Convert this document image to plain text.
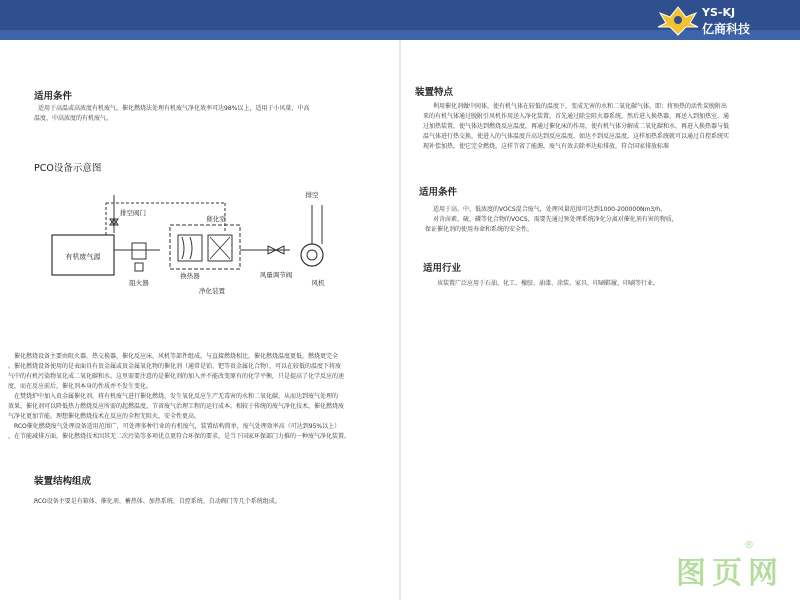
YS-KJ
亿商科技
适用条件
适用于高温或高浓度有机废气。催化燃烧法处理有机废气净化效率可达98%以上，适用于小风量、中高
温度、中高浓度的有机废气。
PCO设备示意图
有机废气源
排空阀门
阻火器
催化室
换热器
净化装置
风量调节阀
排空
风机
催化燃烧设备主要由阻火器，热交换器，催化反应床，风机等部件组成。与直接燃烧相比，催化燃烧温度更低，燃烧更完全
。催化燃烧设备使用的是表面具有贵金属或贵金属氧化物的催化剂（通常是铂、钯等贵金属化合物），可以在较低的温度下将废
气中的有机污染物氧化成二氧化碳和水。这里需要注意的是催化剂的加入并不能改变原有的化学平衡，只是提高了化学反应的速
度，而在反应前后，催化剂本身的性质并不发生变化。
在焚烧炉中加入贵金属催化剂，将有机废气进行催化燃烧，发生氧化反应生产无毒害的水和二氧化碳，从而达到废气处理的
效果。催化剂可以降低热力燃烧反应所需的起燃温度，节省废气治理工程的运行成本。相较于传统的废气净化技术，催化燃烧废
气净化更加节能。理想催化燃烧技术在反应的全程无阻火，安全性更高。
RCO催化燃烧废气处理设备适用范围广，可处理多种行业的有机废气，装置结构简单，废气处理效率高（可达到95%以上）
，在节能减排方面，催化燃烧技术因其无二次污染等多项优点更符合环保的要求，是当下国家环保部门力推的一种废气净化装置。
装置结构组成
RCO设备主要是有箱体、催化剂、蓄热体、加热系统、自控系统、自动阀门等几个系统组成。
装置特点
利用催化剂做中间体，使有机气体在较低的温度下，变成无害的水和二氧化碳气体，即：将预热的活性炭脱附出
来的有机气体通过脱附引风机作用送入净化装置，首先通过除尘阻火器系统，然后进入换热器，再送入到加热室，通
过加热装置，使气体达到燃烧反应温度，再通过催化床的作用，使有机气体分解成二氧化碳和水，再进入换热器与低
温气体进行热交换，使进入的气体温度升高达到反应温度，如达不到反应温度，这样加热系统就可以通过自控系统实
现补偿加热，使它完全燃烧，这样节省了能源，废气有效去除率达标排放，符合国家排放标准
适用条件
适用于高、中、低浓度的VOCS混合废气，处理风量范围可达到1000-200000Nm3/h。
对含卤素、硫、磷等化合物的VOCS，需要先通过预处理系统净化分离对催化剂有害的物质，
保证催化剂的使用寿命和系统的安全性。
适用行业
该装置广泛应用于石油、化工、橡胶、油漆、涂装、家具、印刷鞋履、印刷等行业。
®
图页网
